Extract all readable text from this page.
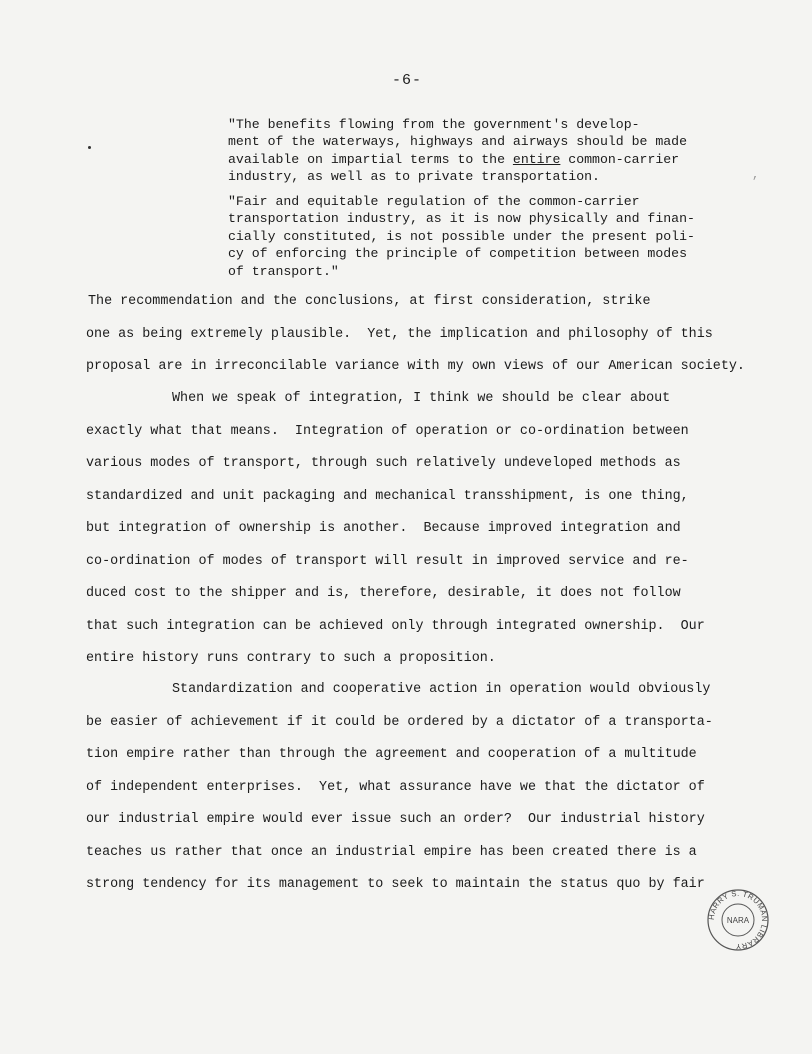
-6-
,
"The benefits flowing from the government's develop-
ment of the waterways, highways and airways should be made
available on impartial terms to the entire common-carrier
industry, as well as to private transportation.
"Fair and equitable regulation of the common-carrier
transportation industry, as it is now physically and finan-
cially constituted, is not possible under the present poli-
cy of enforcing the principle of competition between modes
of transport."
The recommendation and the conclusions, at first consideration, strike
one as being extremely plausible.  Yet, the implication and philosophy of this
proposal are in irreconcilable variance with my own views of our American society.
When we speak of integration, I think we should be clear about
exactly what that means.  Integration of operation or co-ordination between
various modes of transport, through such relatively undeveloped methods as
standardized and unit packaging and mechanical transshipment, is one thing,
but integration of ownership is another.  Because improved integration and
co-ordination of modes of transport will result in improved service and re-
duced cost to the shipper and is, therefore, desirable, it does not follow
that such integration can be achieved only through integrated ownership.  Our
entire history runs contrary to such a proposition.
Standardization and cooperative action in operation would obviously
be easier of achievement if it could be ordered by a dictator of a transporta-
tion empire rather than through the agreement and cooperation of a multitude
of independent enterprises.  Yet, what assurance have we that the dictator of
our industrial empire would ever issue such an order?  Our industrial history
teaches us rather that once an industrial empire has been created there is a
strong tendency for its management to seek to maintain the status quo by fair
HARRY S. TRUMAN LIBRARY
NARA
